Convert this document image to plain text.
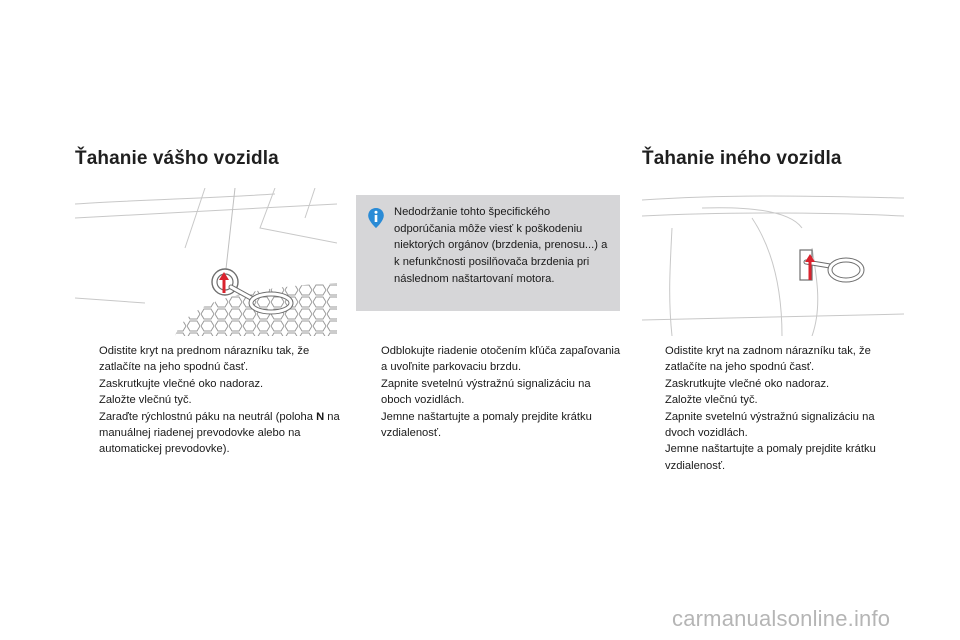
Ťahanie vášho vozidla	Ťahanie iného vozidla
Nedodržanie tohto špecifického odporúčania môže viesť k poškodeniu niektorých orgánov (brzdenia, prenosu...) a k nefunkčnosti posilňovača brzdenia pri následnom naštartovaní motora.
Odistite kryt na prednom nárazníku tak, že zatlačíte na jeho spodnú časť.
Zaskrutkujte vlečné oko nadoraz.
Založte vlečnú tyč.
Zaraďte rýchlostnú páku na neutrál (poloha N na manuálnej riadenej prevodovke alebo na automatickej prevodovke).
Odblokujte riadenie otočením kľúča zapaľovania a uvoľnite parkovaciu brzdu.
Zapnite svetelnú výstražnú signalizáciu na oboch vozidlách.
Jemne naštartujte a pomaly prejdite krátku vzdialenosť.
Odistite kryt na zadnom nárazníku tak, že zatlačíte na jeho spodnú časť.
Zaskrutkujte vlečné oko nadoraz.
Založte vlečnú tyč.
Zapnite svetelnú výstražnú signalizáciu na dvoch vozidlách.
Jemne naštartujte a pomaly prejdite krátku vzdialenosť.
carmanualsonline.info
